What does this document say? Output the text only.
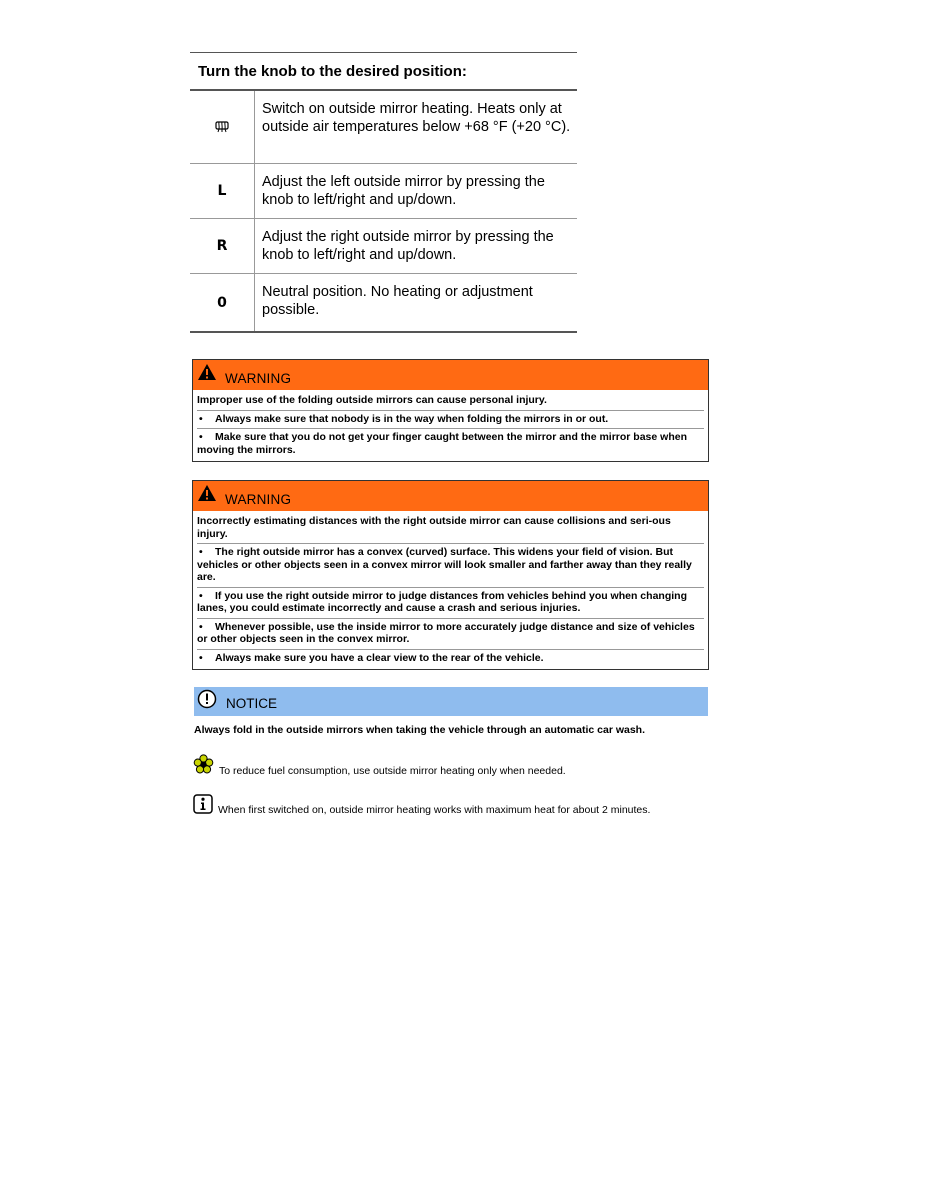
Turn the knob to the desired position:
Switch on outside mirror heating. Heats only at outside air temperatures below +68 °F (+20 °C).
L
Adjust the left outside mirror by pressing the knob to left/right and up/down.
R
Adjust the right outside mirror by pressing the knob to left/right and up/down.
0
Neutral position. No heating or adjustment possible.
WARNING
Improper use of the folding outside mirrors can cause personal injury.
• Always make sure that nobody is in the way when folding the mirrors in or out.
• Make sure that you do not get your finger caught between the mirror and the mirror base when moving the mirrors.
WARNING
Incorrectly estimating distances with the right outside mirror can cause collisions and seri-ous injury.
• The right outside mirror has a convex (curved) surface. This widens your field of vision. But vehicles or other objects seen in a convex mirror will look smaller and farther away than they really are.
• If you use the right outside mirror to judge distances from vehicles behind you when changing lanes, you could estimate incorrectly and cause a crash and serious injuries.
• Whenever possible, use the inside mirror to more accurately judge distance and size of vehicles or other objects seen in the convex mirror.
• Always make sure you have a clear view to the rear of the vehicle.
NOTICE
Always fold in the outside mirrors when taking the vehicle through an automatic car wash.
To reduce fuel consumption, use outside mirror heating only when needed.
When first switched on, outside mirror heating works with maximum heat for about 2 minutes.
